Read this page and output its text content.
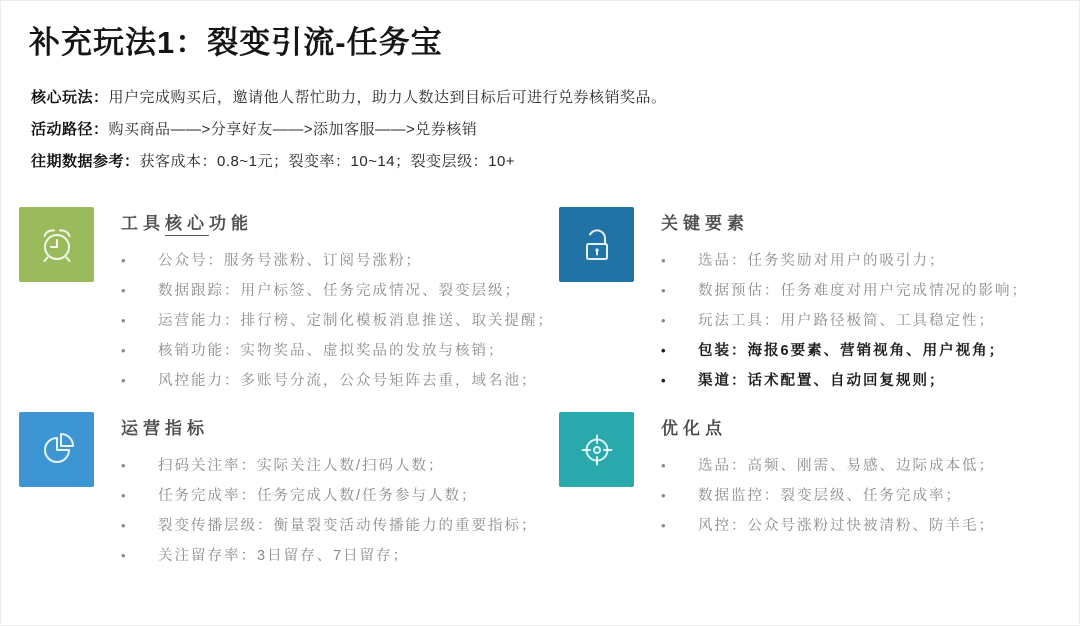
补充玩法1：裂变引流-任务宝

核心玩法：用户完成购买后，邀请他人帮忙助力，助力人数达到目标后可进行兑券核销奖品。

活动路径：购买商品——>分享好友——>添加客服——>兑券核销

往期数据参考：获客成本：0.8~1元；裂变率：10~14；裂变层级：10+

工具核心功能
•	公众号：服务号涨粉、订阅号涨粉；
•	数据跟踪：用户标签、任务完成情况、裂变层级；
•	运营能力：排行榜、定制化模板消息推送、取关提醒；
•	核销功能：实物奖品、虚拟奖品的发放与核销；
•	风控能力：多账号分流，公众号矩阵去重，域名池；
关键要素
•	选品：任务奖励对用户的吸引力；
•	数据预估：任务难度对用户完成情况的影响；
•	玩法工具：用户路径极简、工具稳定性；
•	包装：海报6要素、营销视角、用户视角；
•	渠道：话术配置、自动回复规则；
运营指标
•	扫码关注率：实际关注人数/扫码人数；
•	任务完成率：任务完成人数/任务参与人数；
•	裂变传播层级：衡量裂变活动传播能力的重要指标；
•	关注留存率：3日留存、7日留存；
优化点
•	选品：高频、刚需、易感、边际成本低；
•	数据监控：裂变层级、任务完成率；
•	风控：公众号涨粉过快被清粉、防羊毛；
